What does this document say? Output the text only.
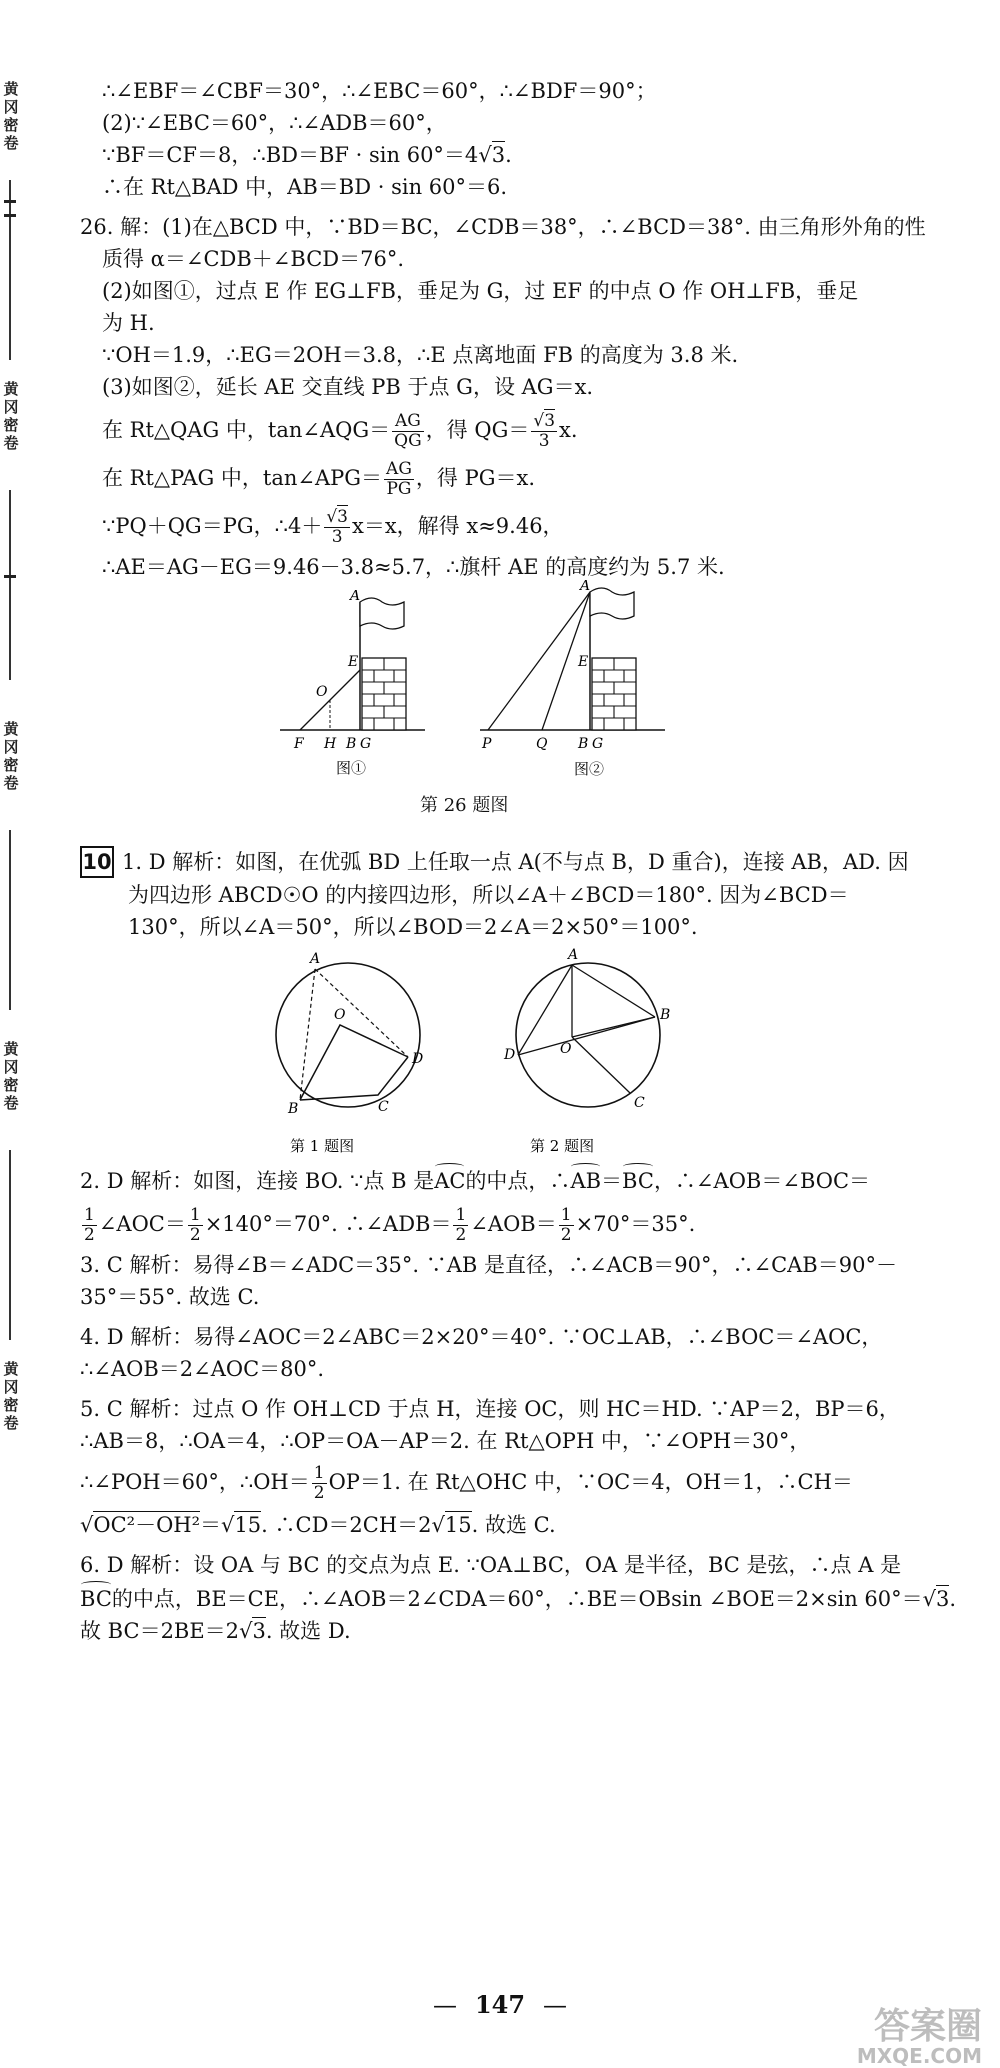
黄
冈
密
卷
黄
冈
密
卷
黄
冈
密
卷
黄
冈
密
卷
黄
冈
密
卷
∴∠EBF＝∠CBF＝30°，∴∠EBC＝60°，∴∠BDF＝90°；
(2)∵∠EBC＝60°，∴∠ADB＝60°，
∵BF＝CF＝8，∴BD＝BF · sin 60°＝4√3.
∴在 Rt△BAD 中，AB＝BD · sin 60°＝6.
26. 解：(1)在△BCD 中，∵BD＝BC，∠CDB＝38°，∴∠BCD＝38°. 由三角形外角的性
质得 α＝∠CDB＋∠BCD＝76°.
(2)如图①，过点 E 作 EG⊥FB，垂足为 G，过 EF 的中点 O 作 OH⊥FB，垂足
为 H.
∵OH＝1.9，∴EG＝2OH＝3.8，∴E 点离地面 FB 的高度为 3.8 米.
(3)如图②，延长 AE 交直线 PB 于点 G，设 AG＝x.
在 Rt△QAG 中，tan∠AQG＝ $\frac{AG}{QG}$ ，得 $QG= \frac{√3}{3} x$.
在 Rt△PAG 中，tan∠APG＝ $\frac{AG}{PG}$ ，得 PG＝x.
∵PQ＋QG＝PG，∴4＋ $\frac{√3}{3} x=x$，解得 x≈9.46，
∴AE＝AG－EG＝9.46－3.8≈5.7，∴旗杆 AE 的高度约为 5.7 米.
A
E
O
F H B G
图①
A
E
P	Q B G
图②
第 26 题图
10 1. D 解析：如图，在优弧 BD 上任取一点 A(不与点 B，D 重合)，连接 AB，AD. 因
为四边形 ABCD☉O 的内接四边形，所以∠A＋∠BCD＝180°. 因为∠BCD＝
130°，所以∠A＝50°，所以∠BOD＝2∠A＝2×50°＝100°.
A
O
D
B	C
第 1 题图
A
D
B
O
C
第 2 题图
2. D 解析：如图，连接 BO. ∵点 B 是AC的中点，∴AB＝BC，∴∠AOB＝∠BOC＝
$\frac{1}{2}$ ∠AOC＝ $\frac{1}{2} \times 140^\circ=70^\circ$. ∴∠ADB＝ $\frac{1}{2}$ ∠AOB＝ $\frac{1}{2} \times 70^\circ=35^\circ$.
3. C 解析：易得∠B＝∠ADC＝35°. ∵AB 是直径，∴∠ACB＝90°，∴∠CAB＝90°－
35°＝55°. 故选 C.
4. D 解析：易得∠AOC＝2∠ABC＝2×20°＝40°. ∵OC⊥AB，∴∠BOC＝∠AOC，
∴∠AOB＝2∠AOC＝80°.
5. C 解析：过点 O 作 OH⊥CD 于点 H，连接 OC，则 HC＝HD. ∵AP＝2，BP＝6，
∴AB＝8，∴OA＝4，∴OP＝OA－AP＝2. 在 Rt△OPH 中，∵∠OPH＝30°，
∴∠POH＝60°，∴OH＝ $\frac{1}{2} OP=1$. 在 Rt△OHC 中，∵OC＝4，OH＝1，∴CH＝
√OC²－OH²＝√15. ∴CD＝2CH＝2√15. 故选 C.
6. D 解析：设 OA 与 BC 的交点为点 E. ∵OA⊥BC，OA 是半径，BC 是弦，∴点 A 是
BC的中点，BE＝CE，∴∠AOB＝2∠CDA＝60°，∴BE＝OBsin ∠BOE＝2×sin 60°＝√3.
故 BC＝2BE＝2√3. 故选 D.
— 147 —
答案圈
MXQE.COM
